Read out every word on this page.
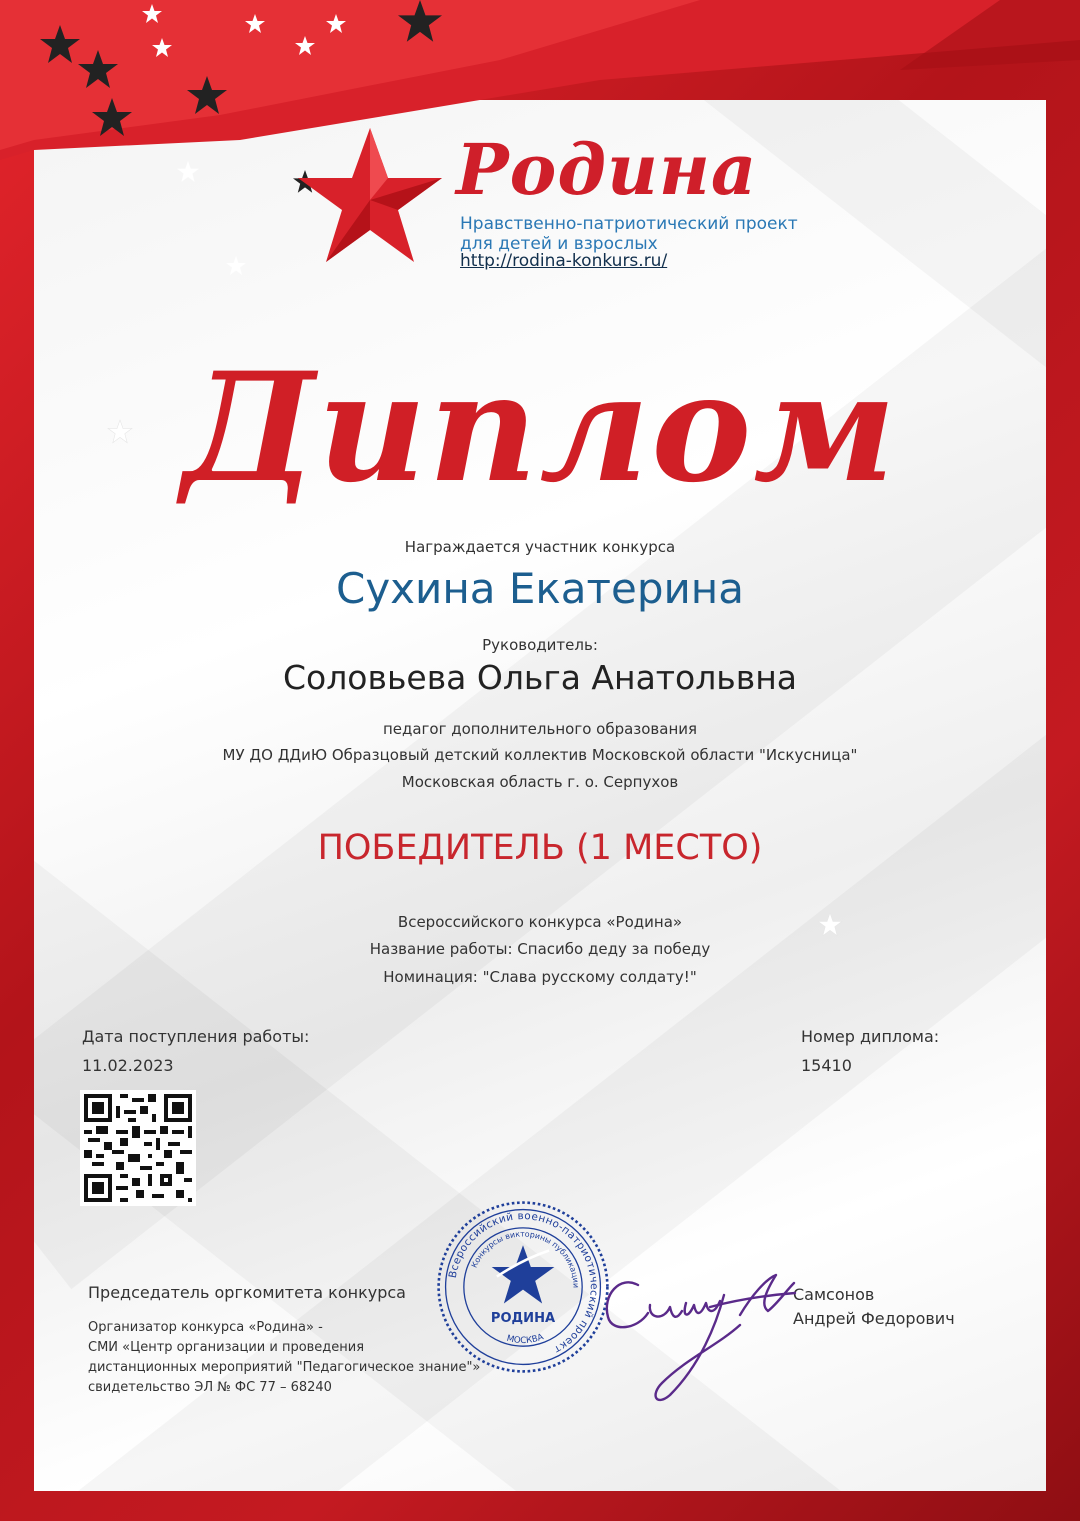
Родина
Нравственно-патриотический проект
для детей и взрослых
http://rodina-konkurs.ru/
Диплом
Награждается участник конкурса
Сухина Екатерина
Руководитель:
Соловьева Ольга Анатольвна
педагог дополнительного образования
МУ ДО ДДиЮ Образцовый детский коллектив Московской области "Искусница"
Московская область г. о. Серпухов
ПОБЕДИТЕЛЬ (1 МЕСТО)
Всероссийского конкурса «Родина»
Название работы: Спасибо деду за победу
Номинация: "Слава русскому солдату!"
Дата поступления работы:
11.02.2023
Номер диплома:
15410
Председатель оргкомитета конкурса
Организатор конкурса «Родина» -
СМИ «Центр организации и проведения
дистанционных мероприятий "Педагогическое знание"»
свидетельство ЭЛ № ФС 77 – 68240
Самсонов
Андрей Федорович
Всероссийский военно-патриотический проект
Конкурсы викторины публикации
МОСКВА
РОДИНА
